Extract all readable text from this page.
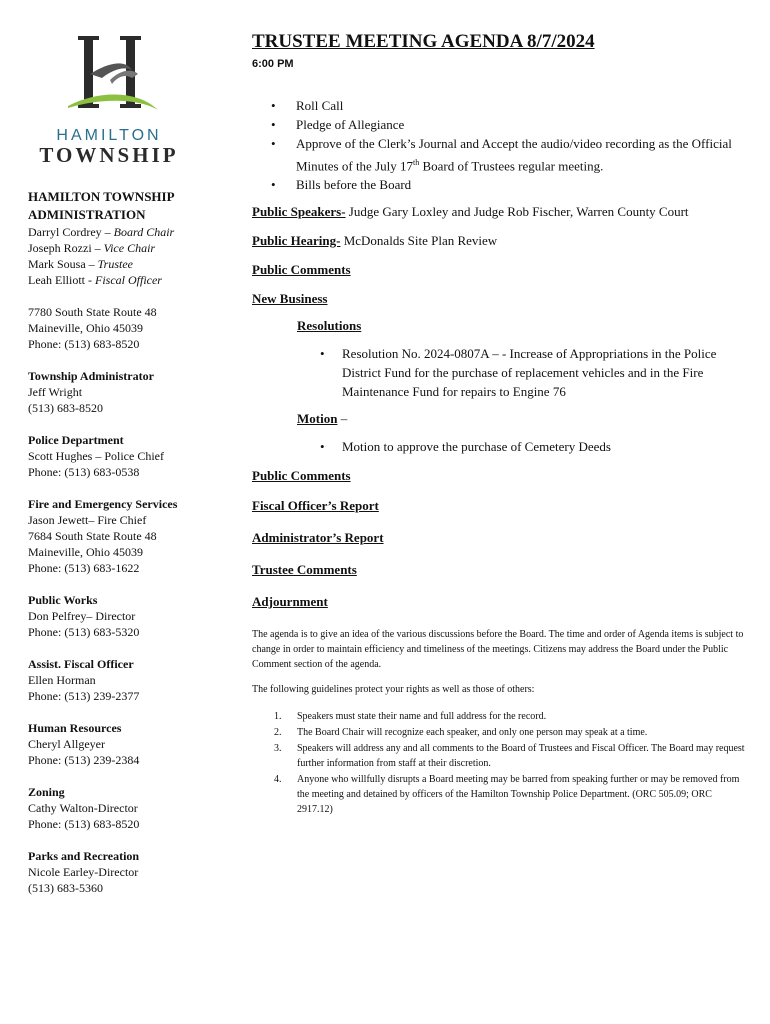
HAMILTON
TOWNSHIP
HAMILTON TOWNSHIP ADMINISTRATION
Darryl Cordrey – Board Chair
Joseph Rozzi – Vice Chair
Mark Sousa – Trustee
Leah Elliott - Fiscal Officer
7780 South State Route 48
Maineville, Ohio 45039
Phone: (513) 683-8520
Township Administrator
Jeff Wright
(513) 683-8520
Police Department
Scott Hughes – Police Chief
Phone: (513) 683-0538
Fire and Emergency Services
Jason Jewett– Fire Chief
7684 South State Route 48
Maineville, Ohio 45039
Phone: (513) 683-1622
Public Works
Don Pelfrey– Director
Phone: (513) 683-5320
Assist. Fiscal Officer
Ellen Horman
Phone: (513) 239-2377
Human Resources
Cheryl Allgeyer
Phone: (513) 239-2384
Zoning
Cathy Walton-Director
Phone: (513) 683-8520
Parks and Recreation
Nicole Earley-Director
(513) 683-5360
TRUSTEE MEETING AGENDA 8/7/2024
6:00 PM
• Roll Call
• Pledge of Allegiance
• Approve of the Clerk’s Journal and Accept the audio/video recording as the Official Minutes of the July 17th Board of Trustees regular meeting.
• Bills before the Board
Public Speakers- Judge Gary Loxley and Judge Rob Fischer, Warren County Court
Public Hearing- McDonalds Site Plan Review
Public Comments
New Business
Resolutions
• Resolution No. 2024-0807A – - Increase of Appropriations in the Police District Fund for the purchase of replacement vehicles and in the Fire Maintenance Fund for repairs to Engine 76
Motion –
• Motion to approve the purchase of Cemetery Deeds
Public Comments
Fiscal Officer’s Report
Administrator’s Report
Trustee Comments
Adjournment
The agenda is to give an idea of the various discussions before the Board. The time and order of Agenda items is subject to change in order to maintain efficiency and timeliness of the meetings. Citizens may address the Board under the Public Comment section of the agenda.
The following guidelines protect your rights as well as those of others:
1. Speakers must state their name and full address for the record.
2. The Board Chair will recognize each speaker, and only one person may speak at a time.
3. Speakers will address any and all comments to the Board of Trustees and Fiscal Officer. The Board may request further information from staff at their discretion.
4. Anyone who willfully disrupts a Board meeting may be barred from speaking further or may be removed from the meeting and detained by officers of the Hamilton Township Police Department. (ORC 505.09; ORC 2917.12)
